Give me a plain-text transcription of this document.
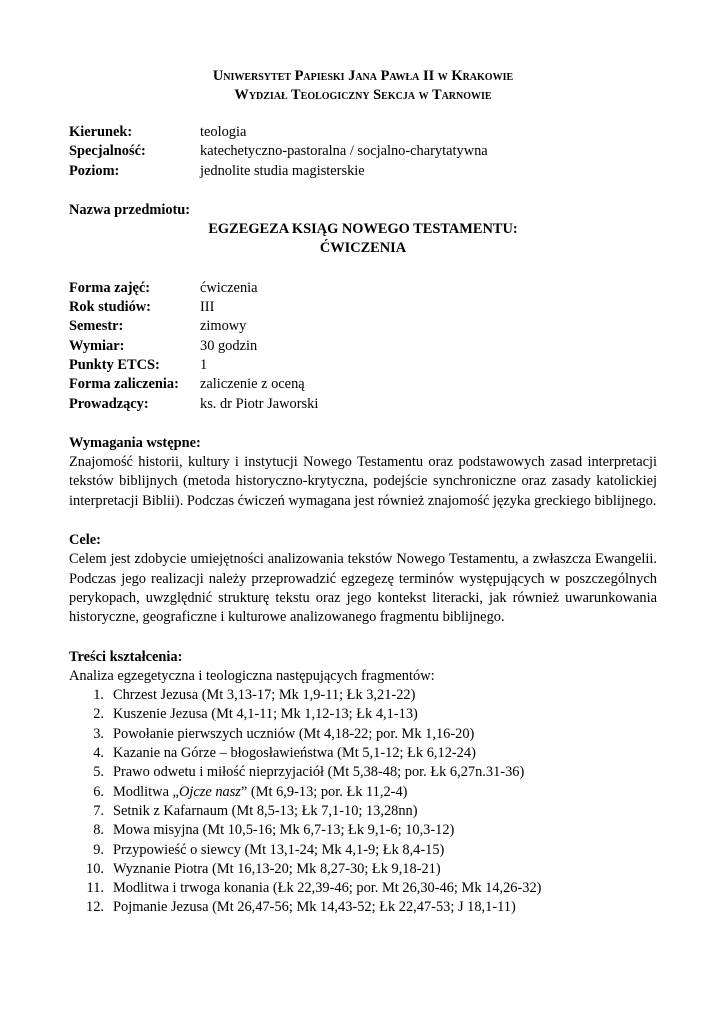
Uniwersytet Papieski Jana Pawła II w Krakowie
Wydział Teologiczny Sekcja w Tarnowie
Kierunek:	teologia
Specjalność:	katechetyczno-pastoralna / socjalno-charytatywna
Poziom:	jednolite studia magisterskie
Nazwa przedmiotu:
EGZEGEZA KSIĄG NOWEGO TESTAMENTU:
ĆWICZENIA
Forma zajęć:	ćwiczenia
Rok studiów:	III
Semestr:	zimowy
Wymiar:	30 godzin
Punkty ETCS:	1
Forma zaliczenia:	zaliczenie z oceną
Prowadzący:	ks. dr Piotr Jaworski
Wymagania wstępne:
Znajomość historii, kultury i instytucji Nowego Testamentu oraz podstawowych zasad interpretacji tekstów biblijnych (metoda historyczno-krytyczna, podejście synchroniczne oraz zasady katolickiej interpretacji Biblii). Podczas ćwiczeń wymagana jest również znajomość języka greckiego biblijnego.
Cele:
Celem jest zdobycie umiejętności analizowania tekstów Nowego Testamentu, a zwłaszcza Ewangelii. Podczas jego realizacji należy przeprowadzić egzegezę terminów występujących w poszczególnych perykopach, uwzględnić strukturę tekstu oraz jego kontekst literacki, jak również uwarunkowania historyczne, geograficzne i kulturowe analizowanego fragmentu biblijnego.
Treści kształcenia:
Analiza egzegetyczna i teologiczna następujących fragmentów:
1. Chrzest Jezusa (Mt 3,13-17; Mk 1,9-11; Łk 3,21-22)
2. Kuszenie Jezusa (Mt 4,1-11; Mk 1,12-13; Łk 4,1-13)
3. Powołanie pierwszych uczniów (Mt 4,18-22; por. Mk 1,16-20)
4. Kazanie na Górze – błogosławieństwa (Mt 5,1-12; Łk 6,12-24)
5. Prawo odwetu i miłość nieprzyjaciół (Mt 5,38-48; por. Łk 6,27n.31-36)
6. Modlitwa „Ojcze nasz” (Mt 6,9-13; por. Łk 11,2-4)
7. Setnik z Kafarnaum (Mt 8,5-13; Łk 7,1-10; 13,28nn)
8. Mowa misyjna (Mt 10,5-16; Mk 6,7-13; Łk 9,1-6; 10,3-12)
9. Przypowieść o siewcy (Mt 13,1-24; Mk 4,1-9; Łk 8,4-15)
10. Wyznanie Piotra (Mt 16,13-20; Mk 8,27-30; Łk 9,18-21)
11. Modlitwa i trwoga konania (Łk 22,39-46; por. Mt 26,30-46; Mk 14,26-32)
12. Pojmanie Jezusa (Mt 26,47-56; Mk 14,43-52; Łk 22,47-53; J 18,1-11)
